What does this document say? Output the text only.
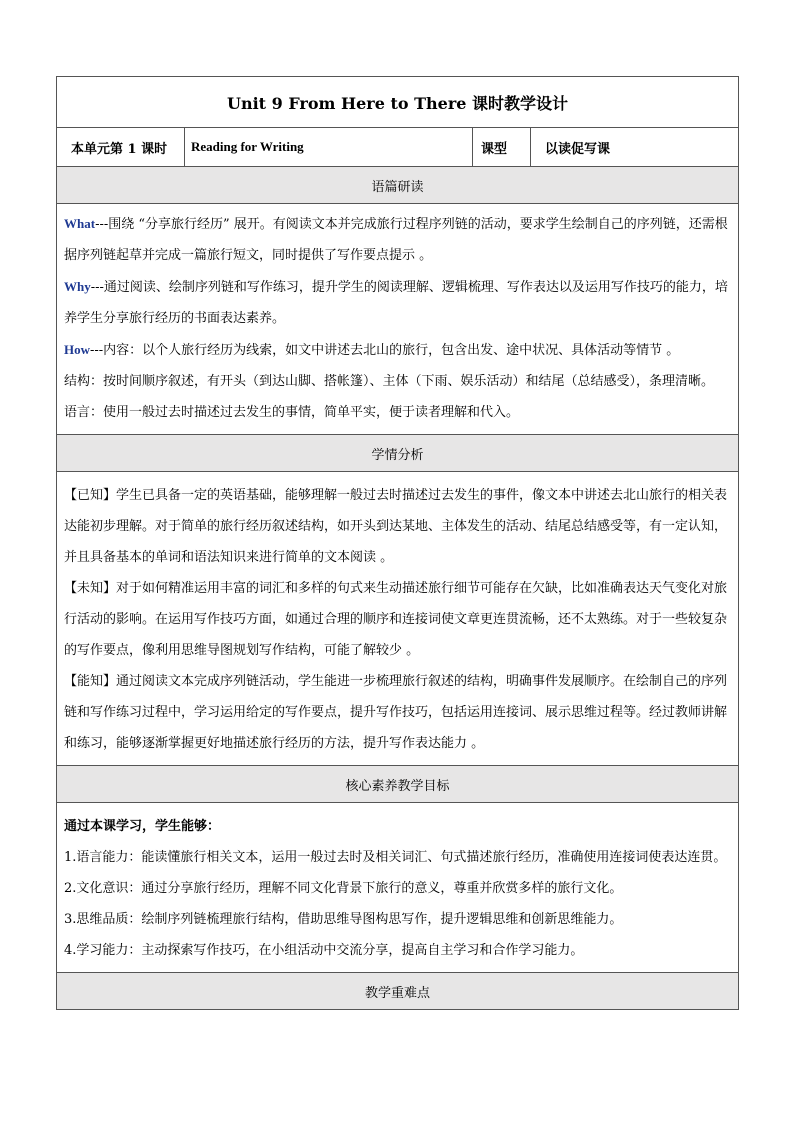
Unit 9 From Here to There 课时教学设计
本单元第 1 课时	Reading for Writing	课型	以读促写课
语篇研读

What---围绕 “分享旅行经历” 展开。有阅读文本并完成旅行过程序列链的活动，要求学生绘制自己的序列链，还需根据序列链起草并完成一篇旅行短文，同时提供了写作要点提示 。

Why---通过阅读、绘制序列链和写作练习，提升学生的阅读理解、逻辑梳理、写作表达以及运用写作技巧的能力，培养学生分享旅行经历的书面表达素养。

How---内容：以个人旅行经历为线索，如文中讲述去北山的旅行，包含出发、途中状况、具体活动等情节 。

结构：按时间顺序叙述，有开头（到达山脚、搭帐篷）、主体（下雨、娱乐活动）和结尾（总结感受），条理清晰。

语言：使用一般过去时描述过去发生的事情，简单平实，便于读者理解和代入。

学情分析

【已知】学生已具备一定的英语基础，能够理解一般过去时描述过去发生的事件，像文本中讲述去北山旅行的相关表达能初步理解。对于简单的旅行经历叙述结构，如开头到达某地、主体发生的活动、结尾总结感受等，有一定认知，并且具备基本的单词和语法知识来进行简单的文本阅读 。

【未知】对于如何精准运用丰富的词汇和多样的句式来生动描述旅行细节可能存在欠缺，比如准确表达天气变化对旅行活动的影响。在运用写作技巧方面，如通过合理的顺序和连接词使文章更连贯流畅，还不太熟练。对于一些较复杂的写作要点，像利用思维导图规划写作结构，可能了解较少 。

【能知】通过阅读文本完成序列链活动，学生能进一步梳理旅行叙述的结构，明确事件发展顺序。在绘制自己的序列链和写作练习过程中，学习运用给定的写作要点，提升写作技巧，包括运用连接词、展示思维过程等。经过教师讲解和练习，能够逐渐掌握更好地描述旅行经历的方法，提升写作表达能力 。

核心素养教学目标

通过本课学习，学生能够：

1.语言能力：能读懂旅行相关文本，运用一般过去时及相关词汇、句式描述旅行经历，准确使用连接词使表达连贯。

2.文化意识：通过分享旅行经历，理解不同文化背景下旅行的意义，尊重并欣赏多样的旅行文化。

3.思维品质：绘制序列链梳理旅行结构，借助思维导图构思写作，提升逻辑思维和创新思维能力。

4.学习能力：主动探索写作技巧，在小组活动中交流分享，提高自主学习和合作学习能力。

教学重难点
